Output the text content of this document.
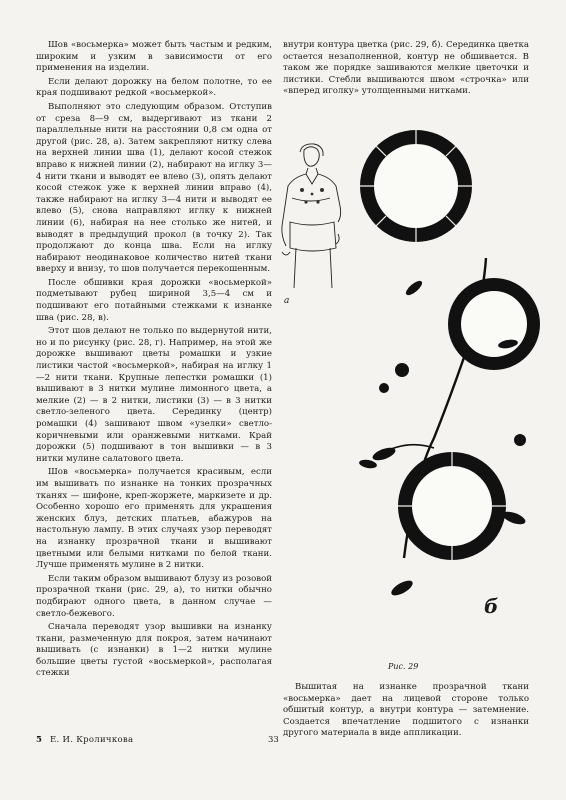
Шов «восьмерка» может быть частым и редким, широким и узким в зависимости от его применения на изделии.

Если делают дорожку на белом полотне, то ее края подшивают редкой «восьмеркой».

Выполняют это следующим образом. Отступив от среза 8—9 см, выдергивают из ткани 2 параллельные нити на расстоянии 0,8 см одна от другой (рис. 28, а). Затем закрепляют нитку слева на верхней линии шва (1), делают косой стежок вправо к нижней линии (2), набирают на иглку 3—4 нити ткани и выводят ее влево (3), опять делают косой стежок уже к верхней линии вправо (4), также набирают на иглку 3—4 нити и выводят ее влево (5), снова направляют иглку к нижней линии (6), набирая на нее столько же нитей, и выводят в предыдущий прокол (в точку 2). Так продолжают до конца шва. Если на иглку набирают неодинаковое количество нитей ткани вверху и внизу, то шов получается перекошенным.

После обшивки края дорожки «восьмеркой» подметывают рубец шириной 3,5—4 см и подшивают его потайными стежками к изнанке шва (рис. 28, в).

Этот шов делают не только по выдернутой нити, но и по рисунку (рис. 28, г). Например, на этой же дорожке вышивают цветы ромашки и узкие листики частой «восьмеркой», набирая на иглку 1—2 нити ткани. Крупные лепестки ромашки (1) вышивают в 3 нитки мулине лимонного цвета, а мелкие (2) — в 2 нитки, листики (3) — в 3 нитки светло-зеленого цвета. Серединку (центр) ромашки (4) зашивают швом «узелки» светло-коричневыми или оранжевыми нитками. Край дорожки (5) подшивают в тон вышивки — в 3 нитки мулине салатового цвета.

Шов «восьмерка» получается красивым, если им вышивать по изнанке на тонких прозрачных тканях — шифоне, креп-жоржете, маркизете и др. Особенно хорошо его применять для украшения женских блуз, детских платьев, абажуров на настольную лампу. В этих случаях узор переводят на изнанку прозрачной ткани и вышивают цветными или белыми нитками по белой ткани. Лучше применять мулине в 2 нитки.

Если таким образом вышивают блузу из розовой прозрачной ткани (рис. 29, а), то нитки обычно подбирают одного цвета, в данном случае — светло-бежевого.

Сначала переводят узор вышивки на изнанку ткани, размеченную для покроя, затем начинают вышивать (с изнанки) в 1—2 нитки мулине большие цветы густой «восьмеркой», располагая стежки

внутри контура цветка (рис. 29, б). Серединка цветка остается незаполненной, контур не обшивается. В таком же порядке зашиваются мелкие цветочки и листики. Стебли вышиваются швом «строчка» или «вперед иголку» утолщенными нитками.

а
б
Рис. 29

Вышитая на изнанке прозрачной ткани «восьмерка» дает на лицевой стороне только обшитый контур, а внутри контура — затемнение. Создается впечатление подшитого с изнанки другого материала в виде аппликации.

5 Е. И. Кроличкова	33
